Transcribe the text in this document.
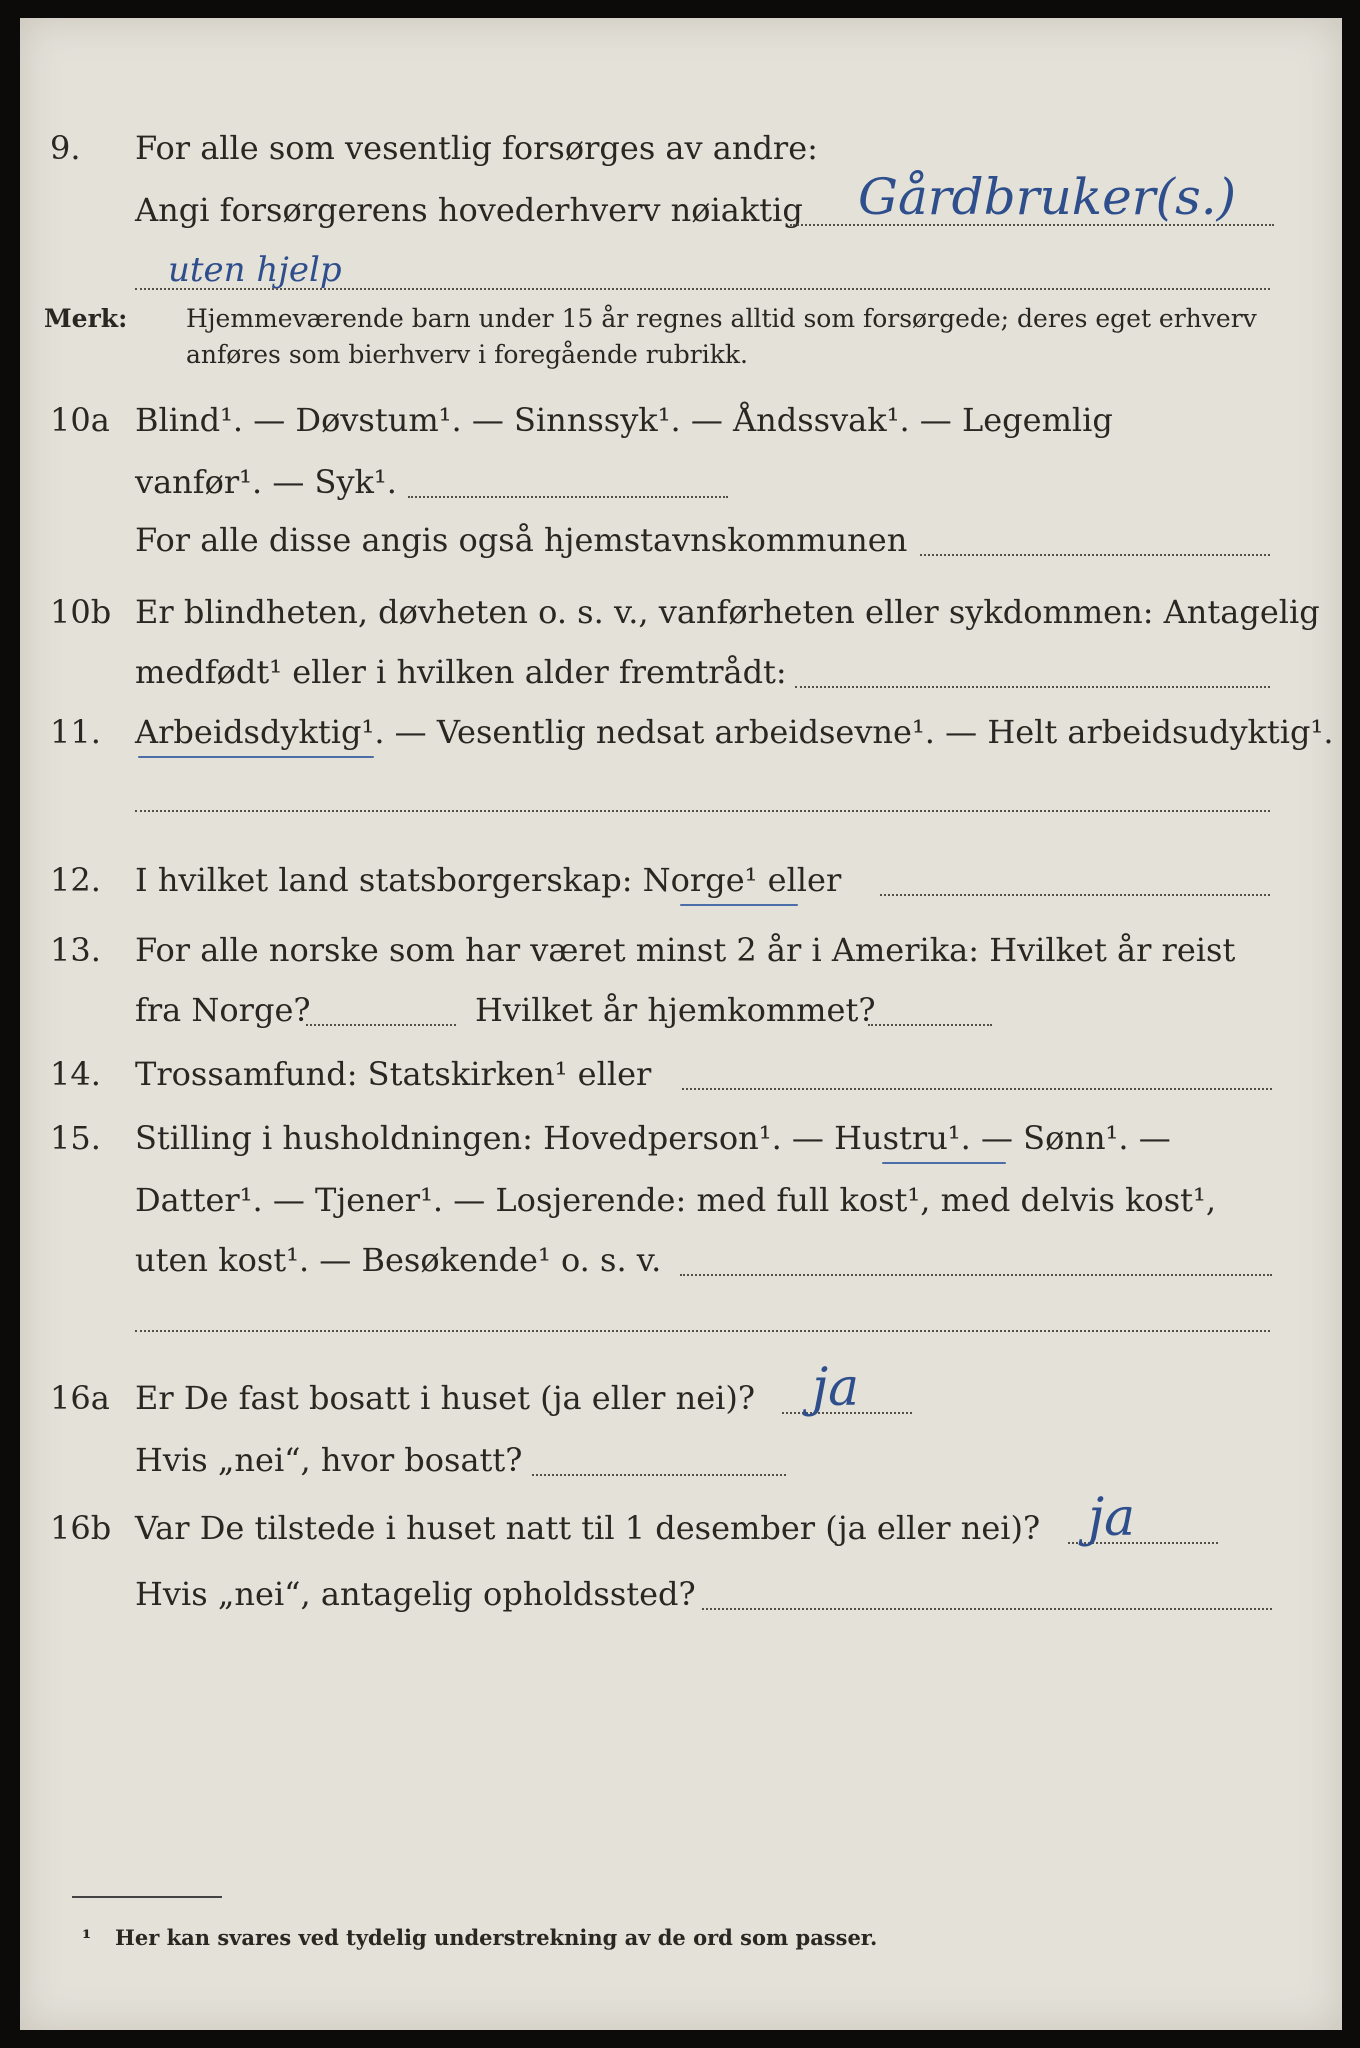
9. For alle som vesentlig forsørges av andre:
Gårdbruker(s.)
Angi forsørgerens hovederhverv nøiaktig
uten hjelp
Merk: Hjemmeværende barn under 15 år regnes alltid som forsørgede; deres eget erhverv
anføres som bierhverv i foregående rubrikk.
10a Blind¹. — Døvstum¹. — Sinnssyk¹. — Åndssvak¹. — Legemlig
vanfør¹. — Syk¹.
For alle disse angis også hjemstavnskommunen
10b Er blindheten, døvheten o. s. v., vanførheten eller sykdommen: Antagelig
medfødt¹ eller i hvilken alder fremtrådt:
11. Arbeidsdyktig¹. — Vesentlig nedsat arbeidsevne¹. — Helt arbeidsudyktig¹.
12. I hvilket land statsborgerskap: Norge¹ eller
13. For alle norske som har været minst 2 år i Amerika: Hvilket år reist
fra Norge?	Hvilket år hjemkommet?
14. Trossamfund: Statskirken¹ eller
15. Stilling i husholdningen: Hovedperson¹. — Hustru¹. — Sønn¹. —
Datter¹. — Tjener¹. — Losjerende: med full kost¹, med delvis kost¹,
uten kost¹. — Besøkende¹ o. s. v.
16a Er De fast bosatt i huset (ja eller nei)? ja
Hvis „nei“, hvor bosatt?
16b Var De tilstede i huset natt til 1 desember (ja eller nei)? ja
Hvis „nei“, antagelig opholdssted?
¹ Her kan svares ved tydelig understrekning av de ord som passer.
